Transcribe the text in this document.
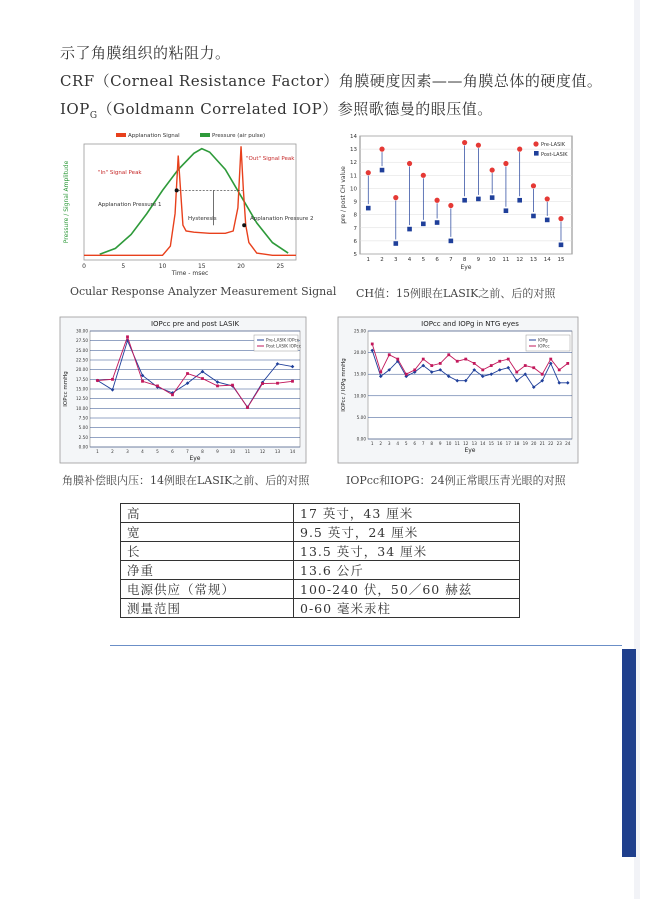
示了角膜组织的粘阻力。
CRF（Corneal Resistance Factor）角膜硬度因素——角膜总体的硬度值。
$IOP_G(Goldmann$ Correlated IOP）参照歌德曼的眼压值。
0	5	10	15	20	25
Time - msec
Pressure / Signal Amplitude
Applanation Signal	Pressure (air pulse)
"In" Signal Peak
"Out" Signal Peak
Applanation Pressure 1
Hysteresis	Applanation Pressure 2
Ocular Response Analyzer Measurement Signal
5
6
7
8
9
10
11
12
13
14
1 2 3 4 5 6 7 8 9 10 11 12 13 14 15
Eye
pre / post CH value
Pre-LASIK
Post-LASIK
CH值：15例眼在LASIK之前、后的对照
IOPcc pre and post LASIK
0.00
2.50
5.00
7.50
10.00
12.50
15.00
17.50
20.00
22.50
25.00
27.50
30.00
1	2	3	4	5	6	7	8	9	10 11 12 13 14
Eye
IOPcc mmHg
Pre-LASIK IOPcc
Post LASIK IOPcc
角膜补偿眼内压：14例眼在LASIK之前、后的对照
IOPcc and IOPg in NTG eyes
0.00
5.00
10.00
15.00
20.00
25.00
1 2 3 4 5 6 7 8 9 10 11 12 13 14 15 16 17 18 19 20 21 22 23 24
Eye
IOPcc / IOPg mmHg
IOPg
IOPcc
IOPcc和IOPG：24例正常眼压青光眼的对照
高	17 英寸，43 厘米
宽	9.5 英寸，24 厘米
长	13.5 英寸，34 厘米
净重	13.6 公斤
电源供应（常规）	100-240 伏，50／60 赫兹
测量范围	0-60 毫米汞柱
